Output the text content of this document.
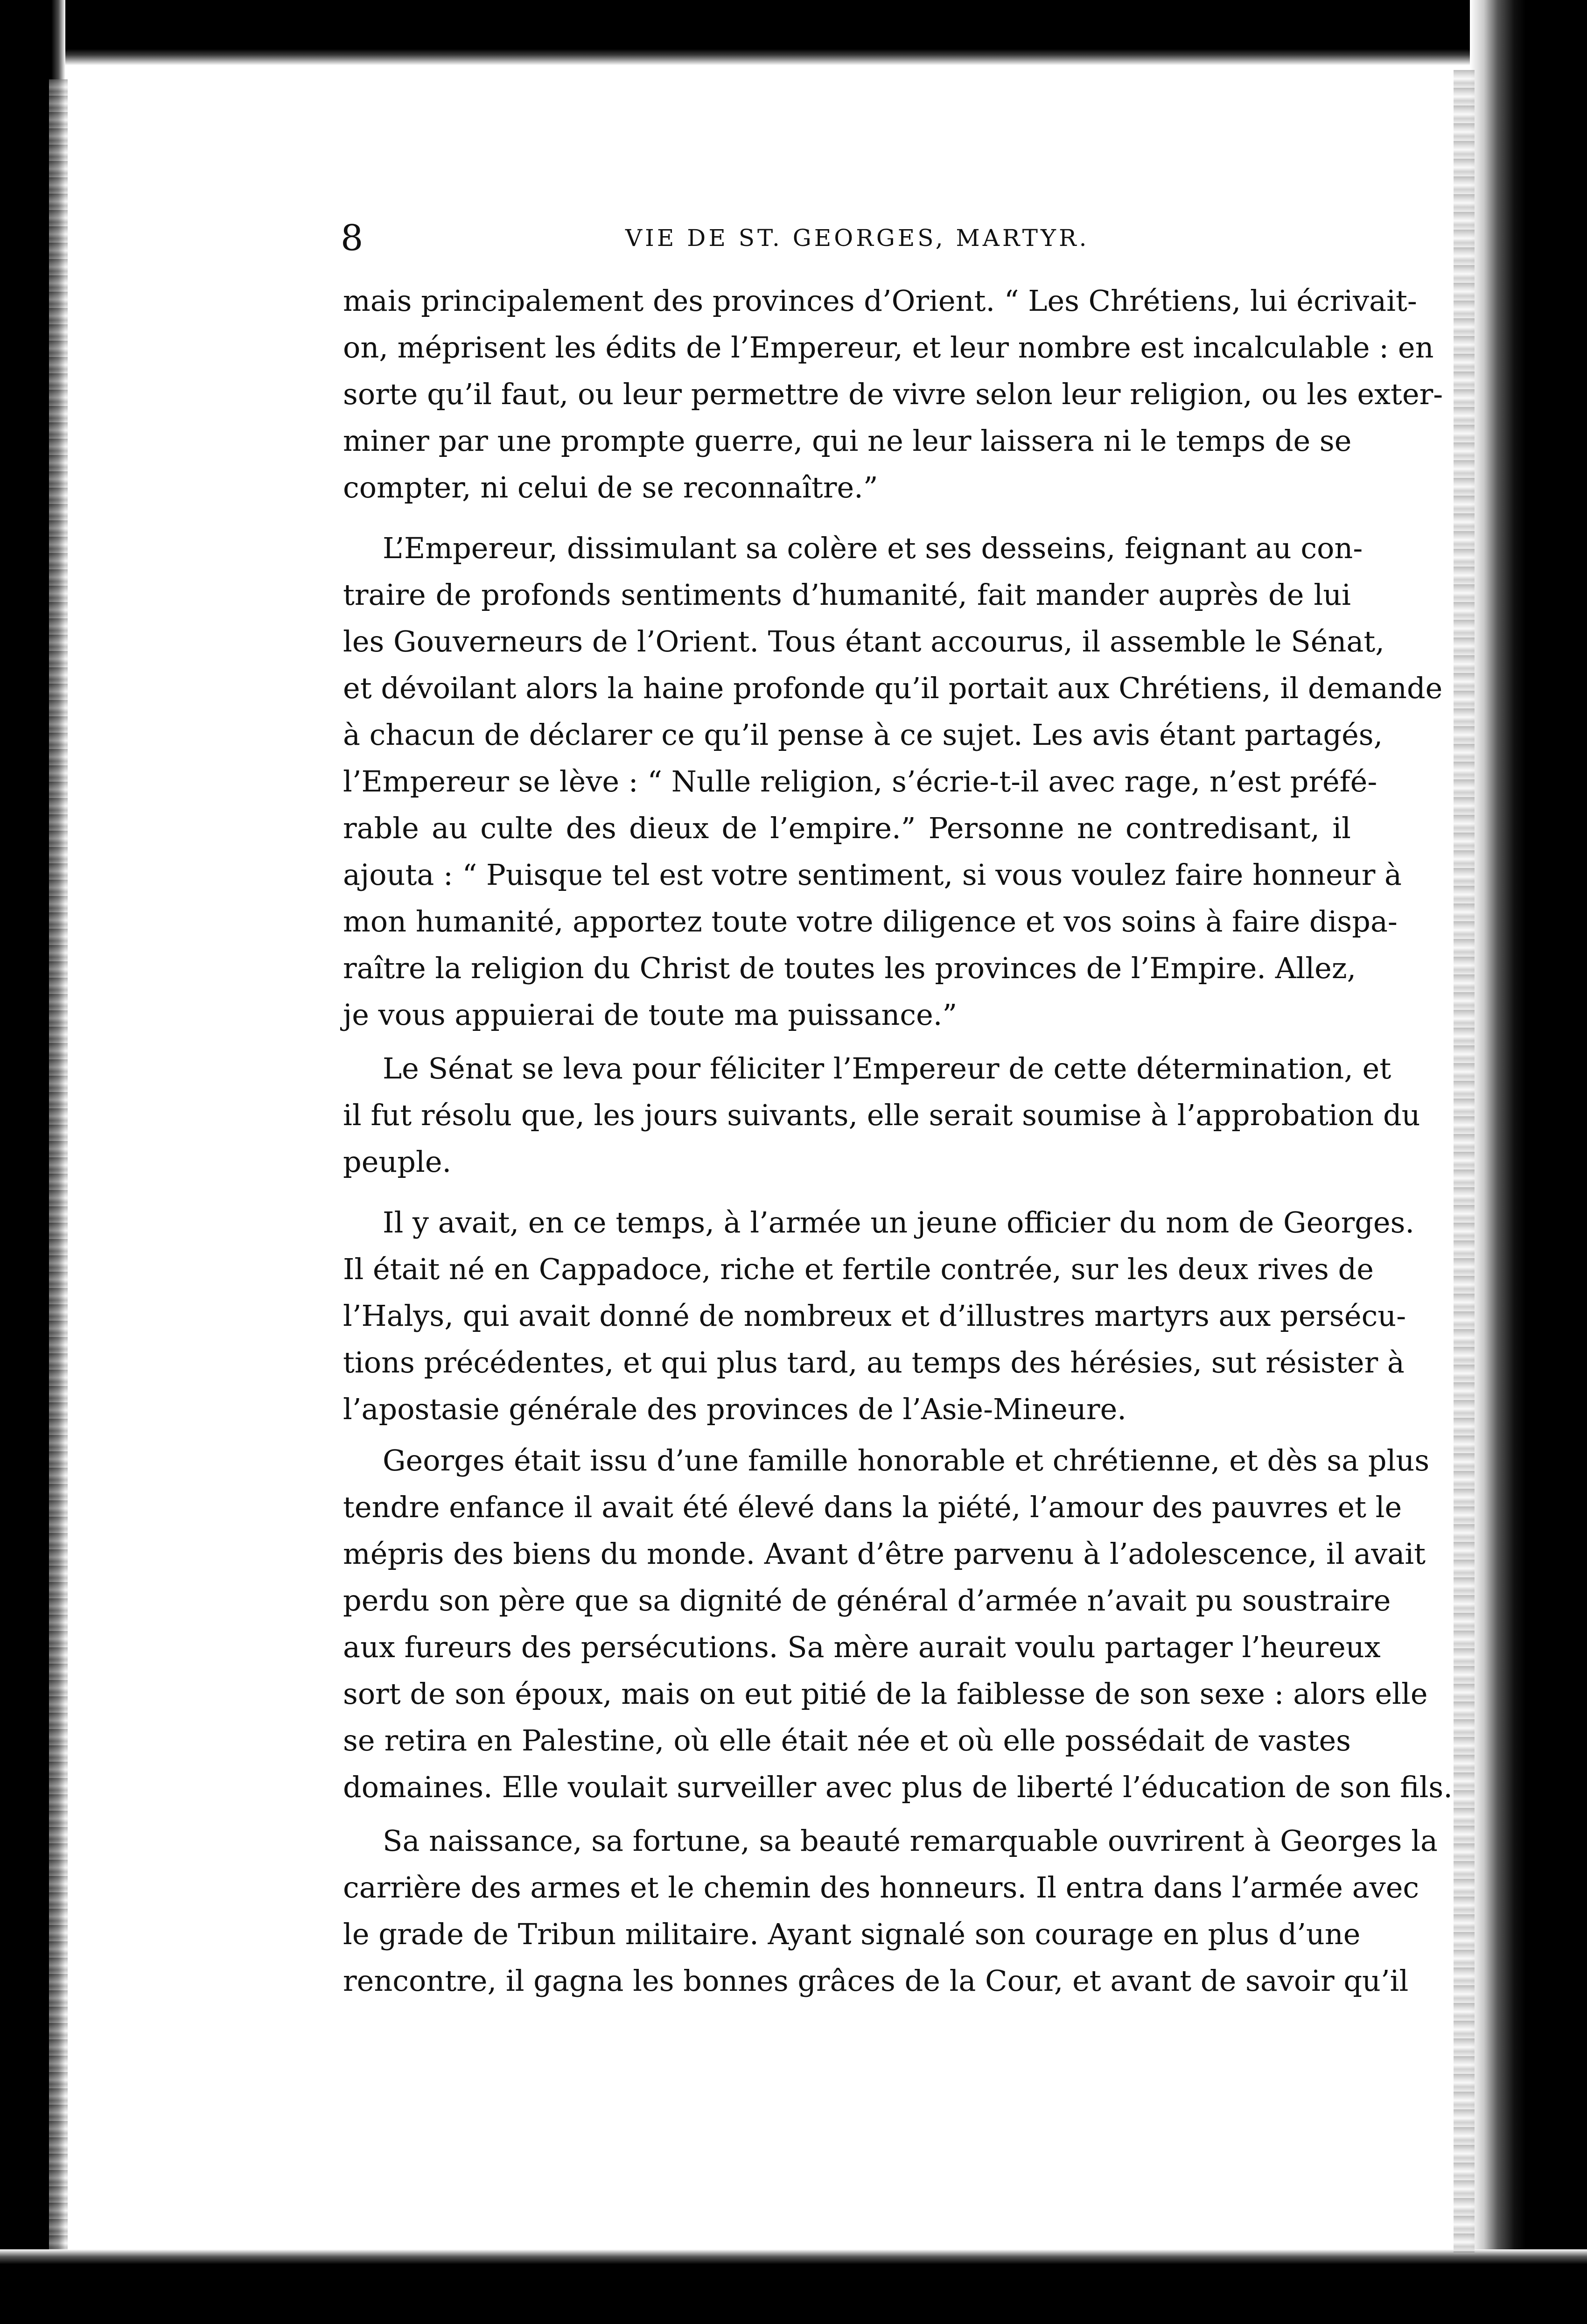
8	VIE DE ST. GEORGES, MARTYR.
mais principalement des provinces d’Orient. “ Les Chrétiens, lui écrivait-
on, méprisent les édits de l’Empereur, et leur nombre est incalculable : en
sorte qu’il faut, ou leur permettre de vivre selon leur religion, ou les exter-
miner par une prompte guerre, qui ne leur laissera ni le temps de se
compter, ni celui de se reconnaître.”
L’Empereur, dissimulant sa colère et ses desseins, feignant au con-
traire de profonds sentiments d’humanité, fait mander auprès de lui
les Gouverneurs de l’Orient. Tous étant accourus, il assemble le Sénat,
et dévoilant alors la haine profonde qu’il portait aux Chrétiens, il demande
à chacun de déclarer ce qu’il pense à ce sujet. Les avis étant partagés,
l’Empereur se lève : “ Nulle religion, s’écrie-t-il avec rage, n’est préfé-
rable au culte des dieux de l’empire.” Personne ne contredisant, il
ajouta : “ Puisque tel est votre sentiment, si vous voulez faire honneur à
mon humanité, apportez toute votre diligence et vos soins à faire dispa-
raître la religion du Christ de toutes les provinces de l’Empire. Allez,
je vous appuierai de toute ma puissance.”
Le Sénat se leva pour féliciter l’Empereur de cette détermination, et
il fut résolu que, les jours suivants, elle serait soumise à l’approbation du
peuple.
Il y avait, en ce temps, à l’armée un jeune officier du nom de Georges.
Il était né en Cappadoce, riche et fertile contrée, sur les deux rives de
l’Halys, qui avait donné de nombreux et d’illustres martyrs aux persécu-
tions précédentes, et qui plus tard, au temps des hérésies, sut résister à
l’apostasie générale des provinces de l’Asie-Mineure.
Georges était issu d’une famille honorable et chrétienne, et dès sa plus
tendre enfance il avait été élevé dans la piété, l’amour des pauvres et le
mépris des biens du monde. Avant d’être parvenu à l’adolescence, il avait
perdu son père que sa dignité de général d’armée n’avait pu soustraire
aux fureurs des persécutions. Sa mère aurait voulu partager l’heureux
sort de son époux, mais on eut pitié de la faiblesse de son sexe : alors elle
se retira en Palestine, où elle était née et où elle possédait de vastes
domaines. Elle voulait surveiller avec plus de liberté l’éducation de son fils.
Sa naissance, sa fortune, sa beauté remarquable ouvrirent à Georges la
carrière des armes et le chemin des honneurs. Il entra dans l’armée avec
le grade de Tribun militaire. Ayant signalé son courage en plus d’une
rencontre, il gagna les bonnes grâces de la Cour, et avant de savoir qu’il
